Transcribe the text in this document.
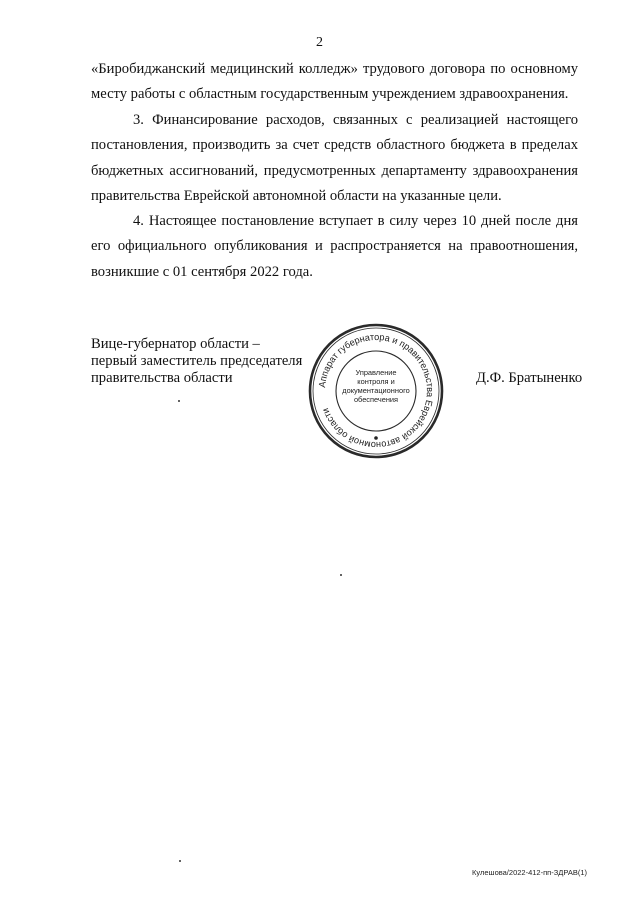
2

«Биробиджанский медицинский колледж» трудового договора по основному месту работы с областным государственным учреждением здравоохранения.

3. Финансирование расходов, связанных с реализацией настоящего постановления, производить за счет средств областного бюджета в пределах бюджетных ассигнований, предусмотренных департаменту здравоохранения правительства Еврейской автономной области на указанные цели.

4. Настоящее постановление вступает в силу через 10 дней после дня его официального опубликования и распространяется на правоотношения, возникшие с 01 сентября 2022 года.

Вице-губернатор области –
первый заместитель председателя
правительства области	Аппарат губернатора и правительства Еврейской автономной области
Управление контроля и
документационного
обеспечения
Д.Ф. Братыненко
Кулешова/2022-412-пп-ЗДРАВ(1)
